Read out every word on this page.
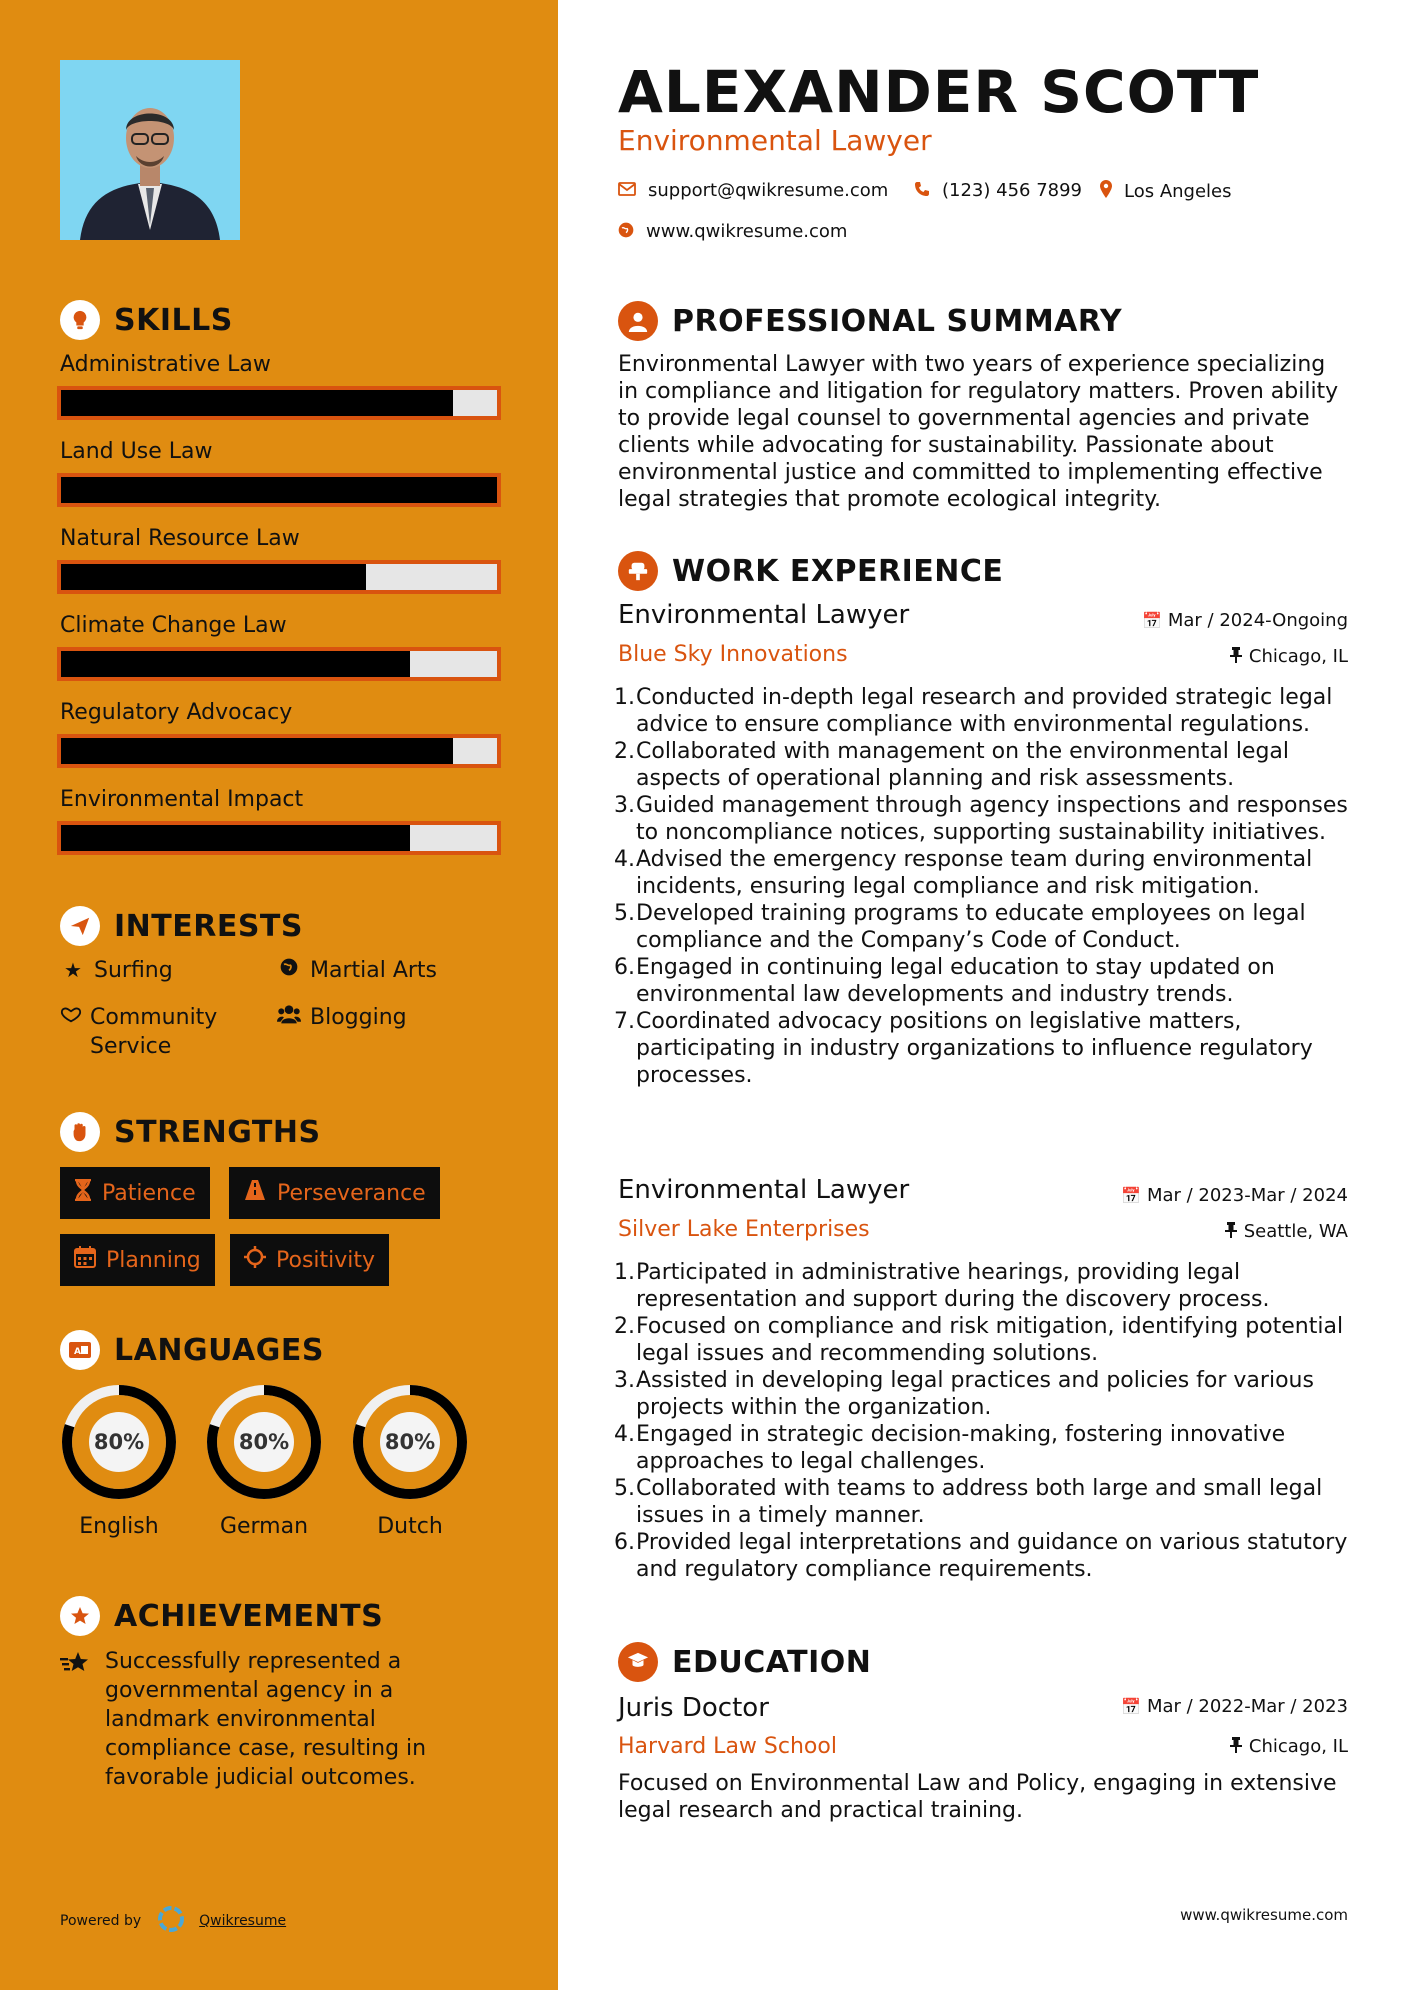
SKILLS
Administrative Law
Land Use Law
Natural Resource Law
Climate Change Law
Regulatory Advocacy
Environmental Impact
INTERESTS
★ Surfing	Martial Arts
Community Service
Blogging
STRENGTHS
Patience	Perseverance
Planning	Positivity
A LANGUAGES
80%
English
80%
German
80%
Dutch
ACHIEVEMENTS
Successfully represented a governmental agency in a landmark environmental compliance case, resulting in favorable judicial outcomes.
Powered by	Qwikresume
ALEXANDER SCOTT
Environmental Lawyer
support@qwikresume.com	(123) 456 7899 Los Angeles
www.qwikresume.com
PROFESSIONAL SUMMARY
Environmental Lawyer with two years of experience specializing in compliance and litigation for regulatory matters. Proven ability to provide legal counsel to governmental agencies and private clients while advocating for sustainability. Passionate about environmental justice and committed to implementing effective legal strategies that promote ecological integrity.
WORK EXPERIENCE
Environmental Lawyer	📅 Mar / 2024-Ongoing
Blue Sky Innovations	Chicago, IL
1. Conducted in-depth legal research and provided strategic legal advice to ensure compliance with environmental regulations.
2. Collaborated with management on the environmental legal aspects of operational planning and risk assessments.
3. Guided management through agency inspections and responses to noncompliance notices, supporting sustainability initiatives.
4. Advised the emergency response team during environmental incidents, ensuring legal compliance and risk mitigation.
5. Developed training programs to educate employees on legal compliance and the Company’s Code of Conduct.
6. Engaged in continuing legal education to stay updated on environmental law developments and industry trends.
7. Coordinated advocacy positions on legislative matters, participating in industry organizations to influence regulatory processes.
Environmental Lawyer	📅 Mar / 2023-Mar / 2024
Silver Lake Enterprises	Seattle, WA
1. Participated in administrative hearings, providing legal representation and support during the discovery process.
2. Focused on compliance and risk mitigation, identifying potential legal issues and recommending solutions.
3. Assisted in developing legal practices and policies for various projects within the organization.
4. Engaged in strategic decision-making, fostering innovative approaches to legal challenges.
5. Collaborated with teams to address both large and small legal issues in a timely manner.
6. Provided legal interpretations and guidance on various statutory and regulatory compliance requirements.
EDUCATION
Juris Doctor	📅 Mar / 2022-Mar / 2023
Harvard Law School	Chicago, IL
Focused on Environmental Law and Policy, engaging in extensive legal research and practical training.
www.qwikresume.com
